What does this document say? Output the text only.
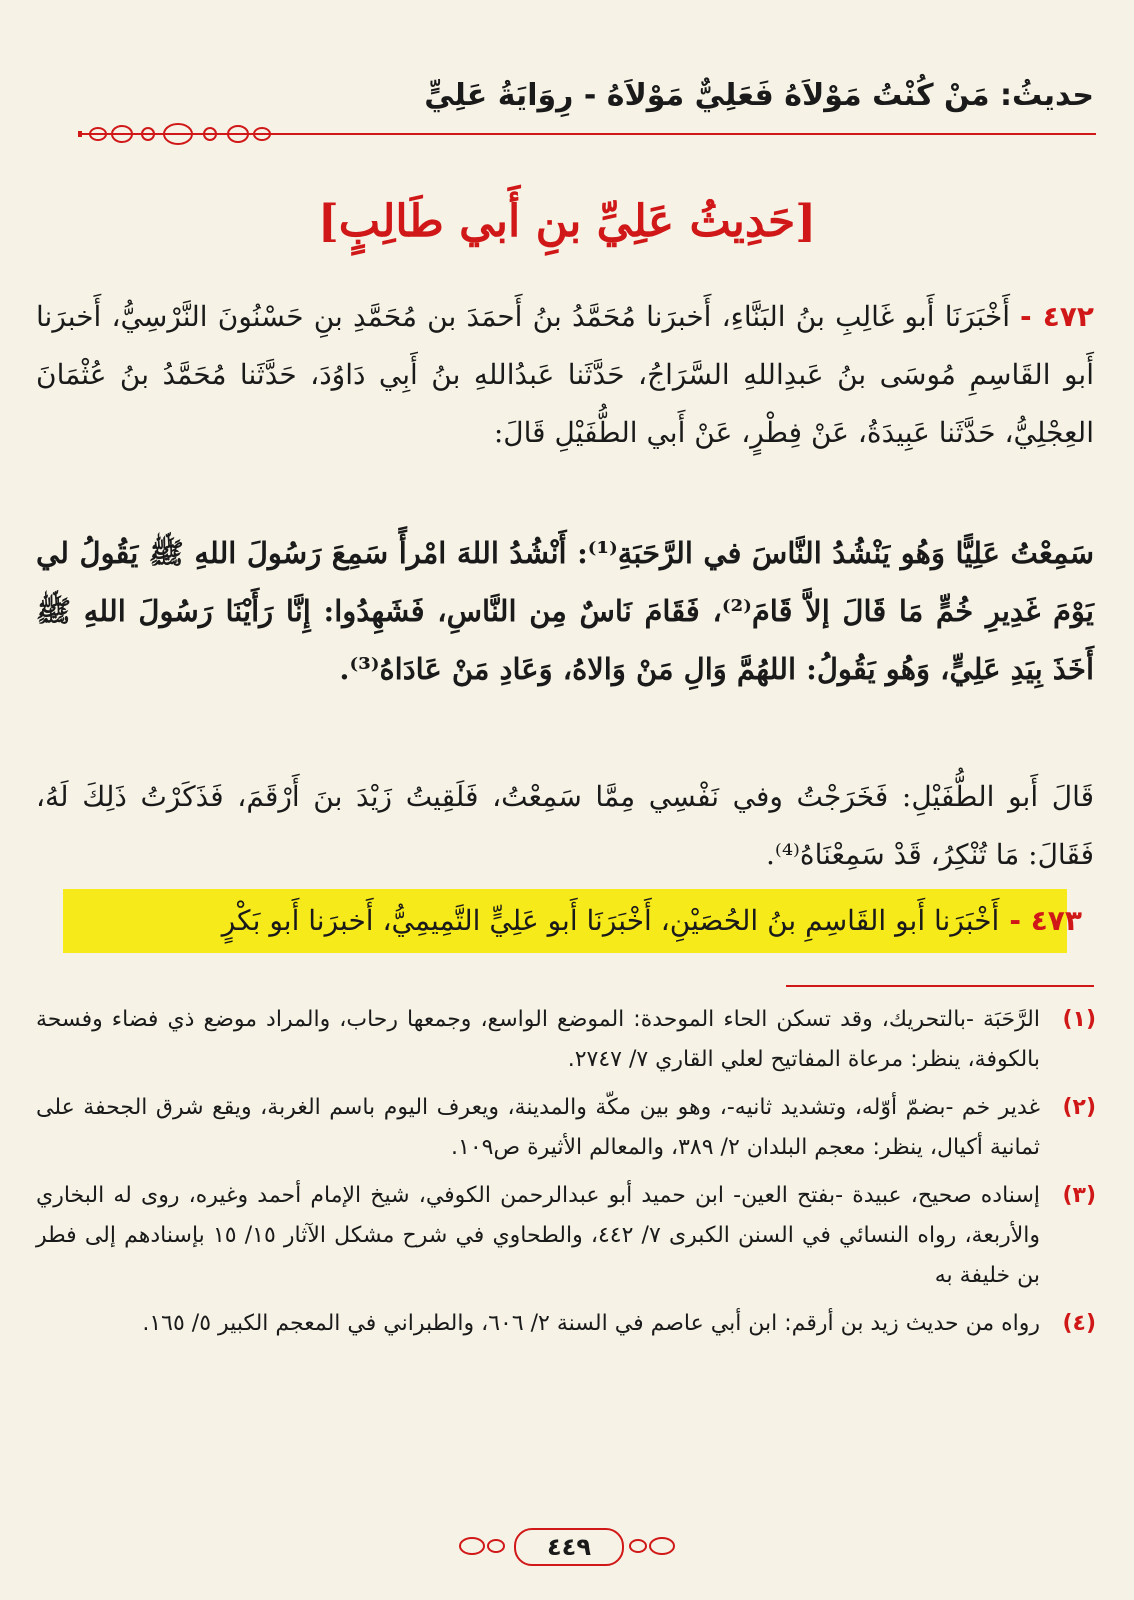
حديثُ: مَنْ كُنْتُ مَوْلاَهُ فَعَلِيٌّ مَوْلاَهُ - رِوَايَةُ عَلِيٍّ
[حَدِيثُ عَلِيِّ بنِ أَبي طَالِبٍ]
٤٧٢ -أَخْبَرَنَا أَبو غَالِبِ بنُ البَنَّاءِ، أَخبرَنا مُحَمَّدُ بنُ أَحمَدَ بن مُحَمَّدِ بنِ حَسْنُونَ النَّرْسِيُّ، أَخبرَنا أَبو القَاسِمِ مُوسَى بنُ عَبدِاللهِ السَّرَاجُ، حَدَّثَنا عَبدُاللهِ بنُ أَبِي دَاوُدَ، حَدَّثَنا مُحَمَّدُ بنُ عُثْمَانَ العِجْلِيُّ، حَدَّثَنا عَبِيدَةُ، عَنْ فِطْرٍ، عَنْ أَبي الطُّفَيْلِ قَالَ:
سَمِعْتُ عَلِيًّا وَهُو يَنْشُدُ النَّاسَ في الرَّحَبَةِ⁽¹⁾: أَنْشُدُ اللهَ امْرأً سَمِعَ رَسُولَ اللهِ ﷺ يَقُولُ لي يَوْمَ غَدِيرِ خُمٍّ مَا قَالَ إلاَّ قَامَ⁽²⁾، فَقَامَ نَاسٌ مِن النَّاسِ، فَشَهِدُوا: إِنَّا رَأَيْنَا رَسُولَ اللهِ ﷺ أَخَذَ بِيَدِ عَلِيٍّ، وَهُو يَقُولُ: اللهُمَّ وَالِ مَنْ وَالاهُ، وَعَادِ مَنْ عَادَاهُ⁽³⁾.
قَالَ أَبو الطُّفَيْلِ: فَخَرَجْتُ وفي نَفْسِي مِمَّا سَمِعْتُ، فَلَقِيتُ زَيْدَ بنَ أَرْقَمَ، فَذَكَرْتُ ذَلِكَ لَهُ، فَقَالَ: مَا تُنْكِرُ، قَدْ سَمِعْنَاهُ⁽⁴⁾.
٤٧٣ -أَخْبَرَنا أَبو القَاسِمِ بنُ الحُصَيْنِ، أَخْبَرَنَا أَبو عَلِيٍّ التَّمِيمِيُّ، أَخبرَنا أَبو بَكْرٍ
(١)
الرَّحَبَة -بالتحريك، وقد تسكن الحاء الموحدة: الموضع الواسع، وجمعها رحاب، والمراد موضع ذي فضاء وفسحة بالكوفة، ينظر: مرعاة المفاتيح لعلي القاري ٧/ ٢٧٤٧.
(٢)
غدير خم -بضمّ أوّله، وتشديد ثانيه-، وهو بين مكّة والمدينة، ويعرف اليوم باسم الغربة، ويقع شرق الجحفة على ثمانية أكيال، ينظر: معجم البلدان ٢/ ٣٨٩، والمعالم الأثيرة ص١٠٩.
(٣)
إسناده صحيح، عبيدة -بفتح العين- ابن حميد أبو عبدالرحمن الكوفي، شيخ الإمام أحمد وغيره، روى له البخاري والأربعة، رواه النسائي في السنن الكبرى ٧/ ٤٤٢، والطحاوي في شرح مشكل الآثار ١٥/ ١٥ بإسنادهم إلى فطر بن خليفة به
(٤)
رواه من حديث زيد بن أرقم: ابن أبي عاصم في السنة ٢/ ٦٠٦، والطبراني في المعجم الكبير ٥/ ١٦٥.
٤٤٩
